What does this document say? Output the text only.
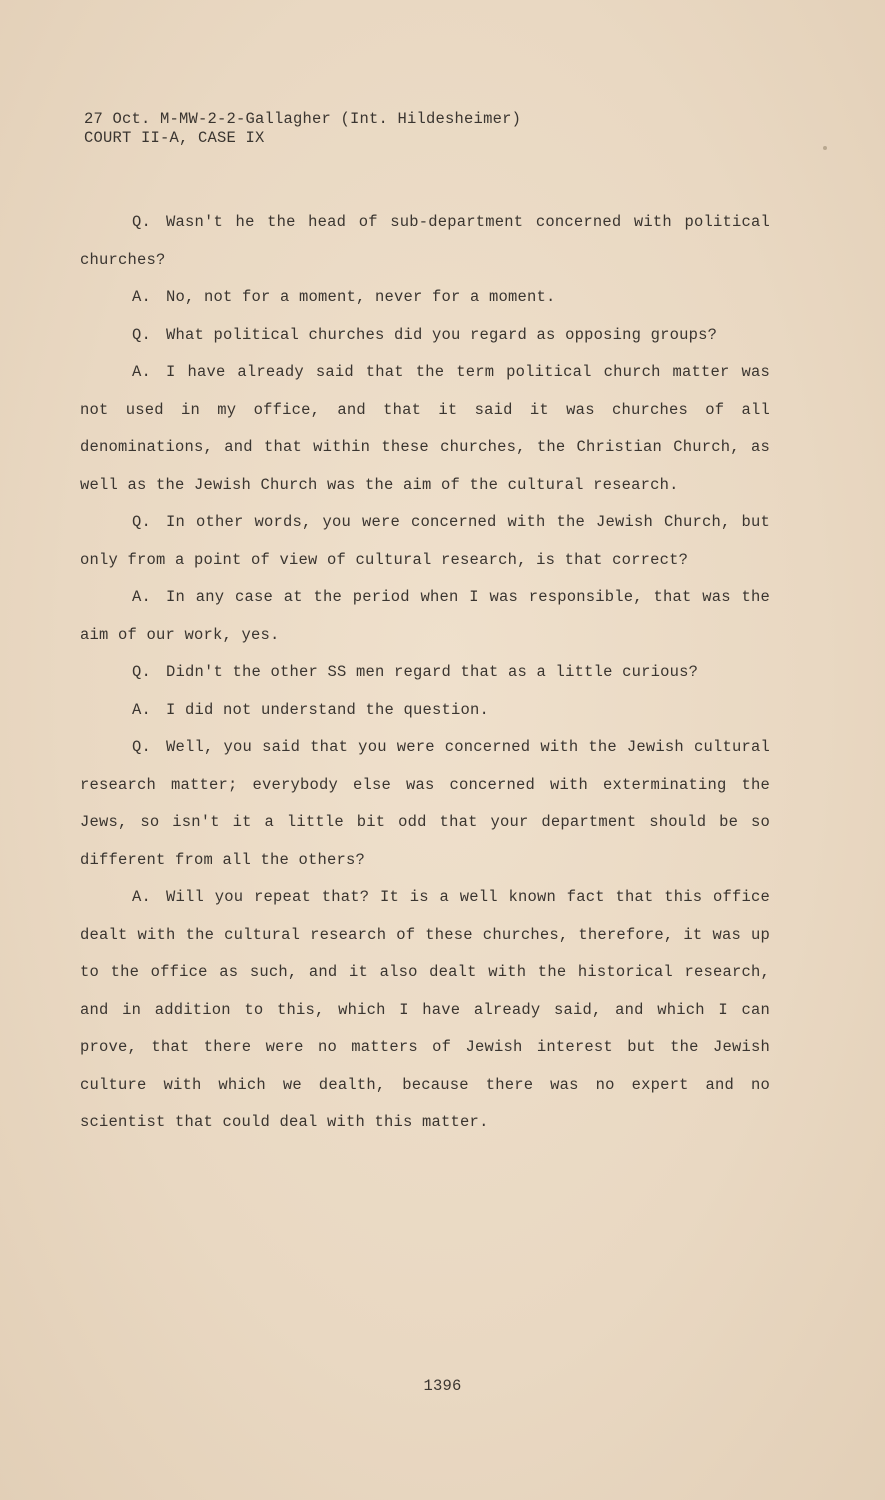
27 Oct. M-MW-2-2-Gallagher (Int. Hildesheimer)
COURT II-A, CASE IX

Q. Wasn't he the head of sub-department concerned with political churches?

A. No, not for a moment, never for a moment.

Q. What political churches did you regard as opposing groups?

A. I have already said that the term political church matter was not used in my office, and that it said it was churches of all denominations, and that within these churches, the Christian Church, as well as the Jewish Church was the aim of the cultural research.

Q. In other words, you were concerned with the Jewish Church, but only from a point of view of cultural research, is that correct?

A. In any case at the period when I was responsible, that was the aim of our work, yes.

Q. Didn't the other SS men regard that as a little curious?

A. I did not understand the question.

Q. Well, you said that you were concerned with the Jewish cultural research matter; everybody else was concerned with exterminating the Jews, so isn't it a little bit odd that your department should be so different from all the others?

A. Will you repeat that? It is a well known fact that this office dealt with the cultural research of these churches, therefore, it was up to the office as such, and it also dealt with the historical research, and in addition to this, which I have already said, and which I can prove, that there were no matters of Jewish interest but the Jewish culture with which we dealth, because there was no expert and no scientist that could deal with this matter.

1396
